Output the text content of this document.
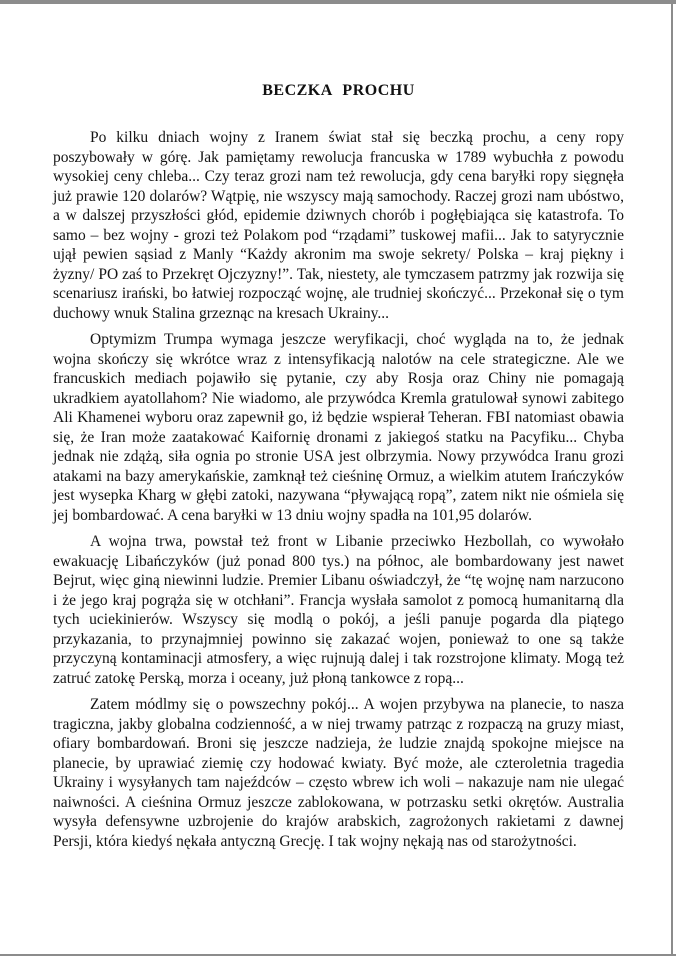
BECZKA PROCHU

Po kilku dniach wojny z Iranem świat stał się beczką prochu, a ceny ropy poszybowały w górę. Jak pamiętamy rewolucja francuska w 1789 wybuchła z powodu wysokiej ceny chleba... Czy teraz grozi nam też rewolucja, gdy cena baryłki ropy sięgnęła już prawie 120 dolarów? Wątpię, nie wszyscy mają samochody. Raczej grozi nam ubóstwo, a w dalszej przyszłości głód, epidemie dziwnych chorób i pogłębiająca się katastrofa. To samo – bez wojny - grozi też Polakom pod “rządami” tuskowej mafii... Jak to satyrycznie ujął pewien sąsiad z Manly “Każdy akronim ma swoje sekrety/ Polska – kraj piękny i żyzny/ PO zaś to Przekręt Ojczyzny!”. Tak, niestety, ale tymczasem patrzmy jak rozwija się scenariusz irański, bo łatwiej rozpocząć wojnę, ale trudniej skończyć... Przekonał się o tym duchowy wnuk Stalina grzeznąc na kresach Ukrainy...

Optymizm Trumpa wymaga jeszcze weryfikacji, choć wygląda na to, że jednak wojna skończy się wkrótce wraz z intensyfikacją nalotów na cele strategiczne. Ale we francuskich mediach pojawiło się pytanie, czy aby Rosja oraz Chiny nie pomagają ukradkiem ayatollahom? Nie wiadomo, ale przywódca Kremla gratulował synowi zabitego Ali Khamenei wyboru oraz zapewnił go, iż będzie wspierał Teheran. FBI natomiast obawia się, że Iran może zaatakować Kaifornię dronami z jakiegoś statku na Pacyfiku... Chyba jednak nie zdążą, siła ognia po stronie USA jest olbrzymia. Nowy przywódca Iranu grozi atakami na bazy amerykańskie, zamknął też cieśninę Ormuz, a wielkim atutem Irańczyków jest wysepka Kharg w głębi zatoki, nazywana “pływającą ropą”, zatem nikt nie ośmiela się jej bombardować. A cena baryłki w 13 dniu wojny spadła na 101,95 dolarów.

A wojna trwa, powstał też front w Libanie przeciwko Hezbollah, co wywołało ewakuację Libańczyków (już ponad 800 tys.) na północ, ale bombardowany jest nawet Bejrut, więc giną niewinni ludzie. Premier Libanu oświadczył, że “tę wojnę nam narzucono i że jego kraj pogrąża się w otchłani”. Francja wysłała samolot z pomocą humanitarną dla tych uciekinierów. Wszyscy się modlą o pokój, a jeśli panuje pogarda dla piątego przykazania, to przynajmniej powinno się zakazać wojen, ponieważ to one są także przyczyną kontaminacji atmosfery, a więc rujnują dalej i tak rozstrojone klimaty. Mogą też zatruć zatokę Perską, morza i oceany, już płoną tankowce z ropą...

Zatem módlmy się o powszechny pokój... A wojen przybywa na planecie, to nasza tragiczna, jakby globalna codzienność, a w niej trwamy patrząc z rozpaczą na gruzy miast, ofiary bombardowań. Broni się jeszcze nadzieja, że ludzie znajdą spokojne miejsce na planecie, by uprawiać ziemię czy hodować kwiaty. Być może, ale czteroletnia tragedia Ukrainy i wysyłanych tam najeźdców – często wbrew ich woli – nakazuje nam nie ulegać naiwności. A cieśnina Ormuz jeszcze zablokowana, w potrzasku setki okrętów. Australia wysyła defensywne uzbrojenie do krajów arabskich, zagrożonych rakietami z dawnej Persji, która kiedyś nękała antyczną Grecję. I tak wojny nękają nas od starożytności.
